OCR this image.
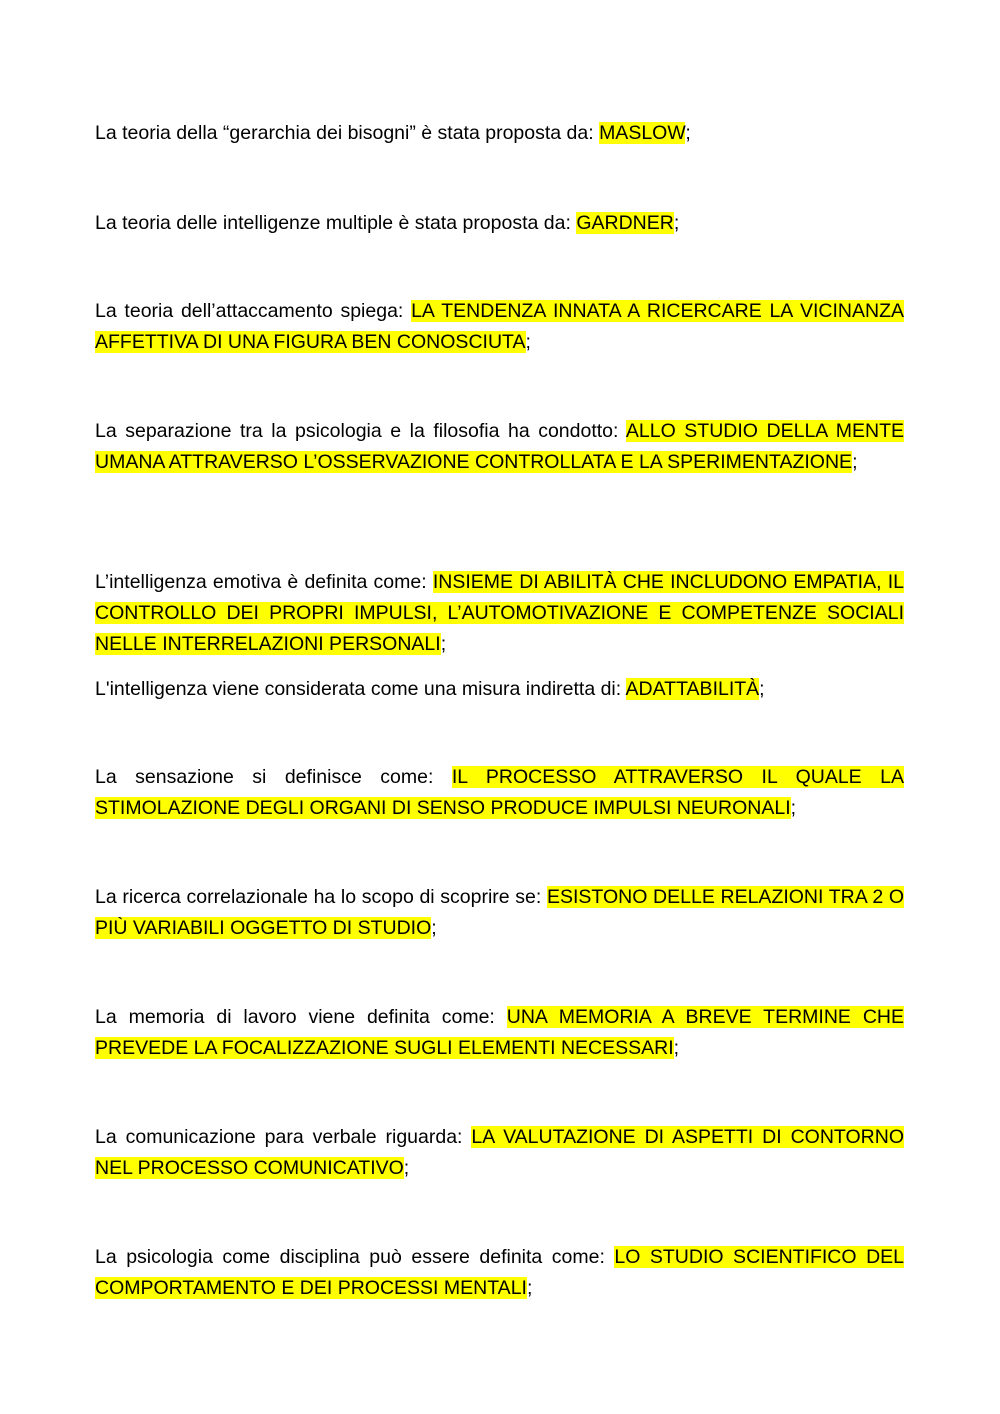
La teoria della “gerarchia dei bisogni” è stata proposta da: MASLOW;

La teoria delle intelligenze multiple è stata proposta da: GARDNER;

La teoria dell’attaccamento spiega: LA TENDENZA INNATA A RICERCARE LA VICINANZA AFFETTIVA DI UNA FIGURA BEN CONOSCIUTA;

La separazione tra la psicologia e la filosofia ha condotto: ALLO STUDIO DELLA MENTE UMANA ATTRAVERSO L’OSSERVAZIONE CONTROLLATA E LA SPERIMENTAZIONE;

L’intelligenza emotiva è definita come: INSIEME DI ABILITÀ CHE INCLUDONO EMPATIA, IL CONTROLLO DEI PROPRI IMPULSI, L’AUTOMOTIVAZIONE E COMPETENZE SOCIALI NELLE INTERRELAZIONI PERSONALI;

L'intelligenza viene considerata come una misura indiretta di: ADATTABILITÀ;

La sensazione si definisce come: IL PROCESSO ATTRAVERSO IL QUALE LA STIMOLAZIONE DEGLI ORGANI DI SENSO PRODUCE IMPULSI NEURONALI;

La ricerca correlazionale ha lo scopo di scoprire se: ESISTONO DELLE RELAZIONI TRA 2 O PIÙ VARIABILI OGGETTO DI STUDIO;

La memoria di lavoro viene definita come: UNA MEMORIA A BREVE TERMINE CHE PREVEDE LA FOCALIZZAZIONE SUGLI ELEMENTI NECESSARI;

La comunicazione para verbale riguarda: LA VALUTAZIONE DI ASPETTI DI CONTORNO NEL PROCESSO COMUNICATIVO;

La psicologia come disciplina può essere definita come: LO STUDIO SCIENTIFICO DEL COMPORTAMENTO E DEI PROCESSI MENTALI;
